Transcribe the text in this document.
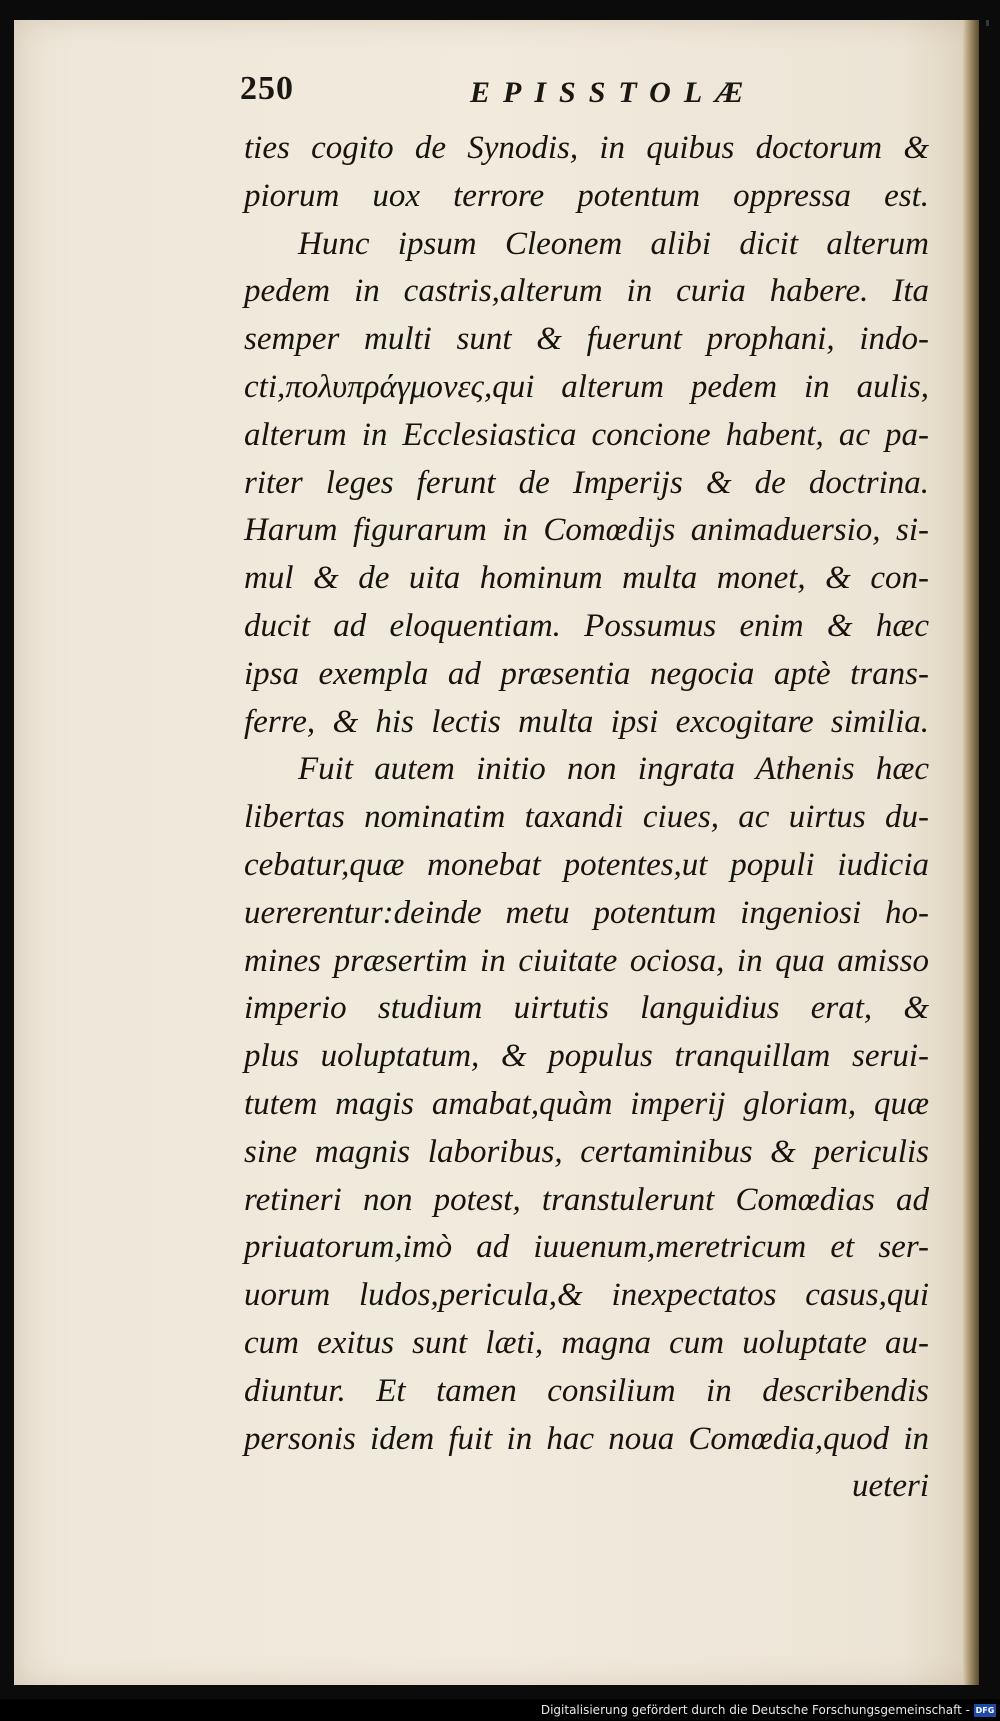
250	EPISSTOLÆ
ties cogito de Synodis, in quibus doctorum &
piorum uox terrore potentum oppressa est.
Hunc ipsum Cleonem alibi dicit alterum
pedem in castris,alterum in curia habere. Ita
semper multi sunt & fuerunt prophani, indo-
cti,πολυπράγμονες,qui alterum pedem in aulis,
alterum in Ecclesiastica concione habent, ac pa-
riter leges ferunt de Imperijs & de doctrina.
Harum figurarum in Comœdijs animaduersio, si-
mul & de uita hominum multa monet, & con-
ducit ad eloquentiam. Possumus enim & hæc
ipsa exempla ad præsentia negocia aptè trans-
ferre, & his lectis multa ipsi excogitare similia.
Fuit autem initio non ingrata Athenis hæc
libertas nominatim taxandi ciues, ac uirtus du-
cebatur,quæ monebat potentes,ut populi iudicia
uererentur:deinde metu potentum ingeniosi ho-
mines præsertim in ciuitate ociosa, in qua amisso
imperio studium uirtutis languidius erat, &
plus uoluptatum, & populus tranquillam serui-
tutem magis amabat,quàm imperij gloriam, quæ
sine magnis laboribus, certaminibus & periculis
retineri non potest, transtulerunt Comœdias ad
priuatorum,imò ad iuuenum,meretricum et ser-
uorum ludos,pericula,& inexpectatos casus,qui
cum exitus sunt læti, magna cum uoluptate au-
diuntur. Et tamen consilium in describendis
personis idem fuit in hac noua Comœdia,quod in
ueteri
Digitalisierung gefördert durch die Deutsche Forschungsgemeinschaft - DFG
